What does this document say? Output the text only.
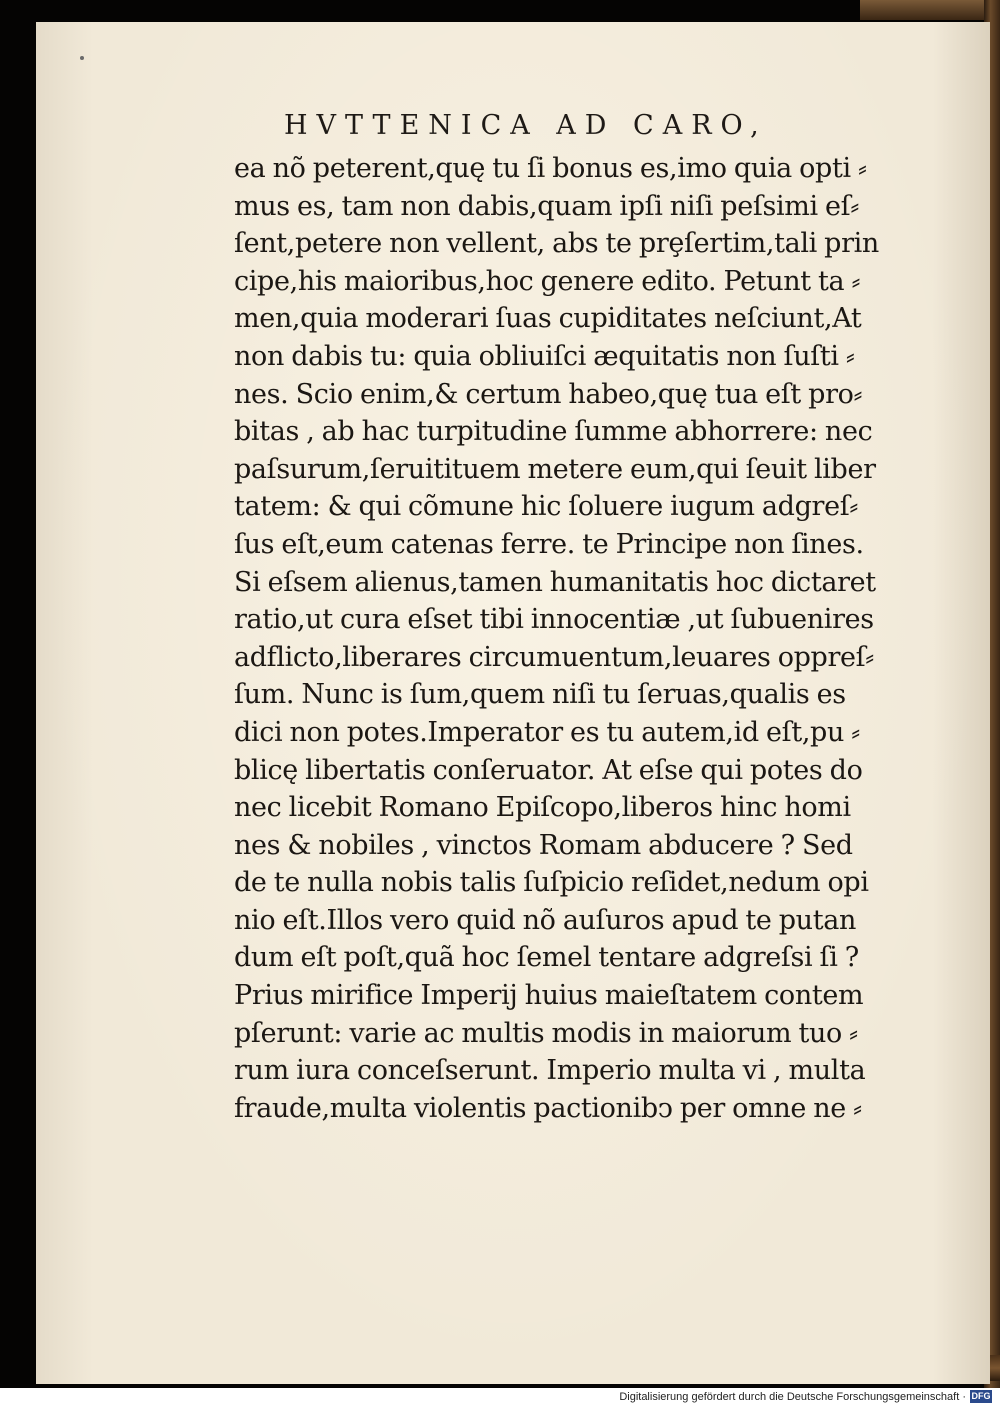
HVTTENICA AD CARO,
ea nõ peterent,quę tu ſi bonus es,imo quia opti ⸗
mus es, tam non dabis,quam ipſi niſi peſsimi eſ⸗
ſent,petere non vellent, abs te prȩſertim,tali prin
cipe,his maioribus,hoc genere edito. Petunt ta ⸗
men,quia moderari ſuas cupiditates neſciunt,At
non dabis tu: quia obliuiſci æquitatis non ſuſti ⸗
nes. Scio enim,& certum habeo,quę tua eſt pro⸗
bitas , ab hac turpitudine ſumme abhorrere: nec
paſsurum,ſeruitituem metere eum,qui ſeuit liber
tatem: & qui cõmune hic ſoluere iugum adgreſ⸗
ſus eſt,eum catenas ferre. te Principe non ſines.
Si eſsem alienus,tamen humanitatis hoc dictaret
ratio,ut cura eſset tibi innocentiæ ,ut ſubuenires
adflicto,liberares circumuentum,leuares oppreſ⸗
ſum. Nunc is ſum,quem niſi tu ſeruas,qualis es
dici non potes.Imperator es tu autem,id eſt,pu ⸗
blicę libertatis conſeruator. At eſse qui potes do
nec licebit Romano Epiſcopo,liberos hinc homi
nes & nobiles , vinctos Romam abducere ? Sed
de te nulla nobis talis ſuſpicio reſidet,nedum opi
nio eſt.Illos vero quid nõ auſuros apud te putan
dum eſt poſt,quã hoc ſemel tentare adgreſsi ſi ?
Prius mirifice Imperij huius maieſtatem contem
pſerunt: varie ac multis modis in maiorum tuo ⸗
rum iura conceſserunt. Imperio multa vi , multa
fraude,multa violentis pactionibↄ per omne ne ⸗
Digitalisierung gefördert durch die Deutsche Forschungsgemeinschaft · DFG
